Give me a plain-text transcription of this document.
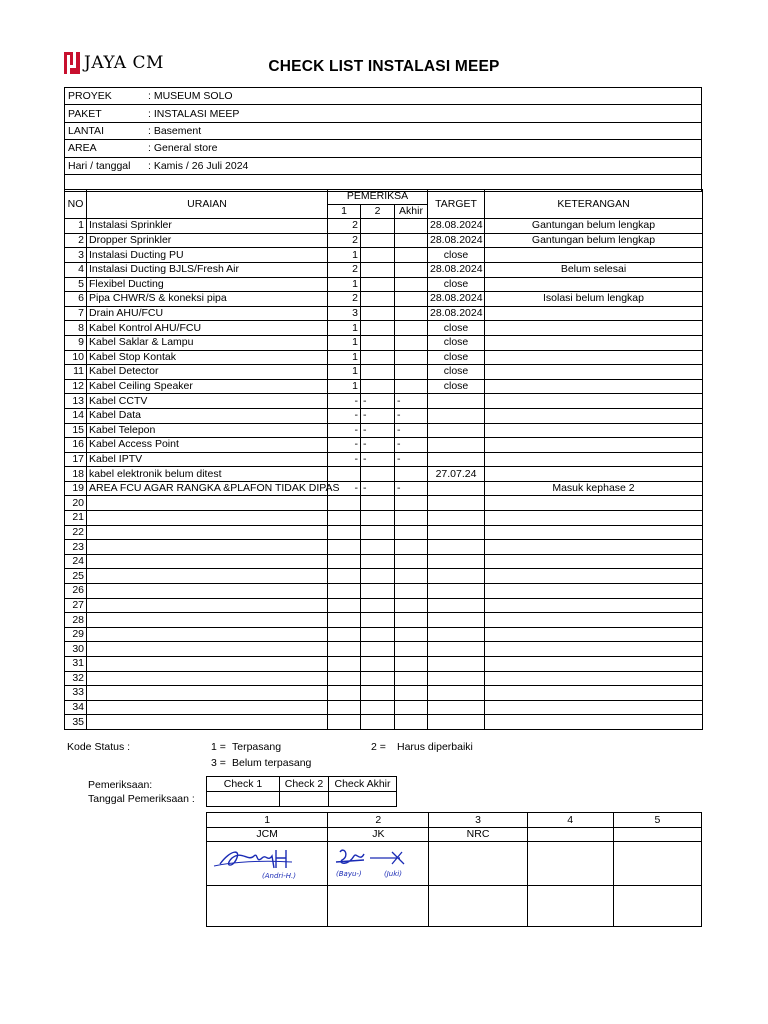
JAYA CM	CHECK LIST INSTALASI MEEP
PROYEK	: MUSEUM SOLO
PAKET	: INSTALASI MEEP
LANTAI	: Basement
AREA	: General store
Hari / tanggal	: Kamis / 26 Juli 2024

NO	URAIAN	PEMERIKSA			TARGET	KETERANGAN
		1	2	Akhir		
1	Instalasi Sprinkler	2			28.08.2024	Gantungan belum lengkap
2	Dropper Sprinkler	2			28.08.2024	Gantungan belum lengkap
3	Instalasi Ducting PU	1			close	
4	Instalasi Ducting BJLS/Fresh Air	2			28.08.2024	Belum selesai
5	Flexibel Ducting	1			close	
6	Pipa CHWR/S & koneksi pipa	2			28.08.2024	Isolasi belum lengkap
7	Drain AHU/FCU	3			28.08.2024	
8	Kabel Kontrol AHU/FCU	1			close	
9	Kabel Saklar & Lampu	1			close	
10	Kabel Stop Kontak	1			close	
11	Kabel Detector	1			close	
12	Kabel Ceiling Speaker	1			close	
13	Kabel CCTV	-	-	-		
14	Kabel Data	-	-	-		
15	Kabel Telepon	-	-	-		
16	Kabel Access Point	-	-	-		
17	Kabel IPTV	-	-	-		
18	kabel elektronik belum ditest				27.07.24	
19	AREA FCU AGAR RANGKA &PLAFON TIDAK DIPAS	-	-	-		Masuk kephase 2
20						
21						
22						
23						
24						
25						
26						
27						
28						
29						
30						
31						
32						
33						
34						
35						
Kode Status :	1 = Terpasang	2 = Harus diperbaiki
3 = Belum terpasang
Pemeriksaan:
Tanggal Pemeriksaan :
Check 1	Check 2	Check Akhir

1	2	3	4	5
JCM	JK	NRC		

(Andri-H.)	(Bayu-) (Juki)			
